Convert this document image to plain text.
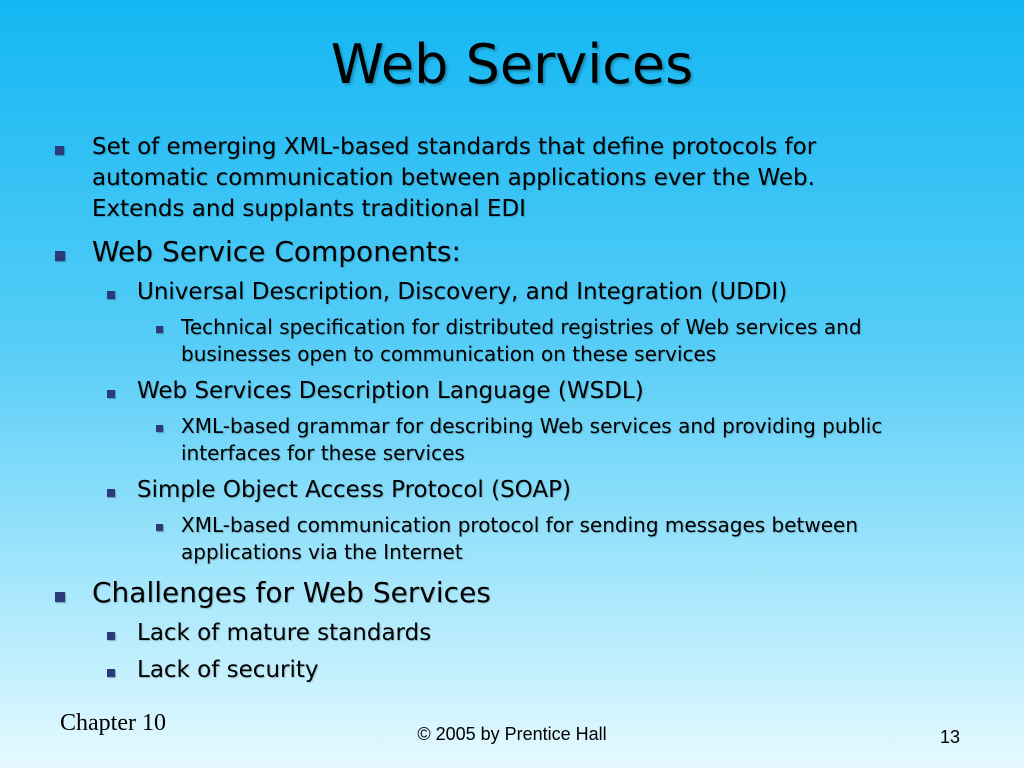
Web Services
Set of emerging XML-based standards that define protocols for
automatic communication between applications ever the Web.
Extends and supplants traditional EDI
Web Service Components:
Universal Description, Discovery, and Integration (UDDI)
Technical specification for distributed registries of Web services and
businesses open to communication on these services
Web Services Description Language (WSDL)
XML-based grammar for describing Web services and providing public
interfaces for these services
Simple Object Access Protocol (SOAP)
XML-based communication protocol for sending messages between
applications via the Internet
Challenges for Web Services
Lack of mature standards
Lack of security
Chapter 10	© 2005 by Prentice Hall	13
